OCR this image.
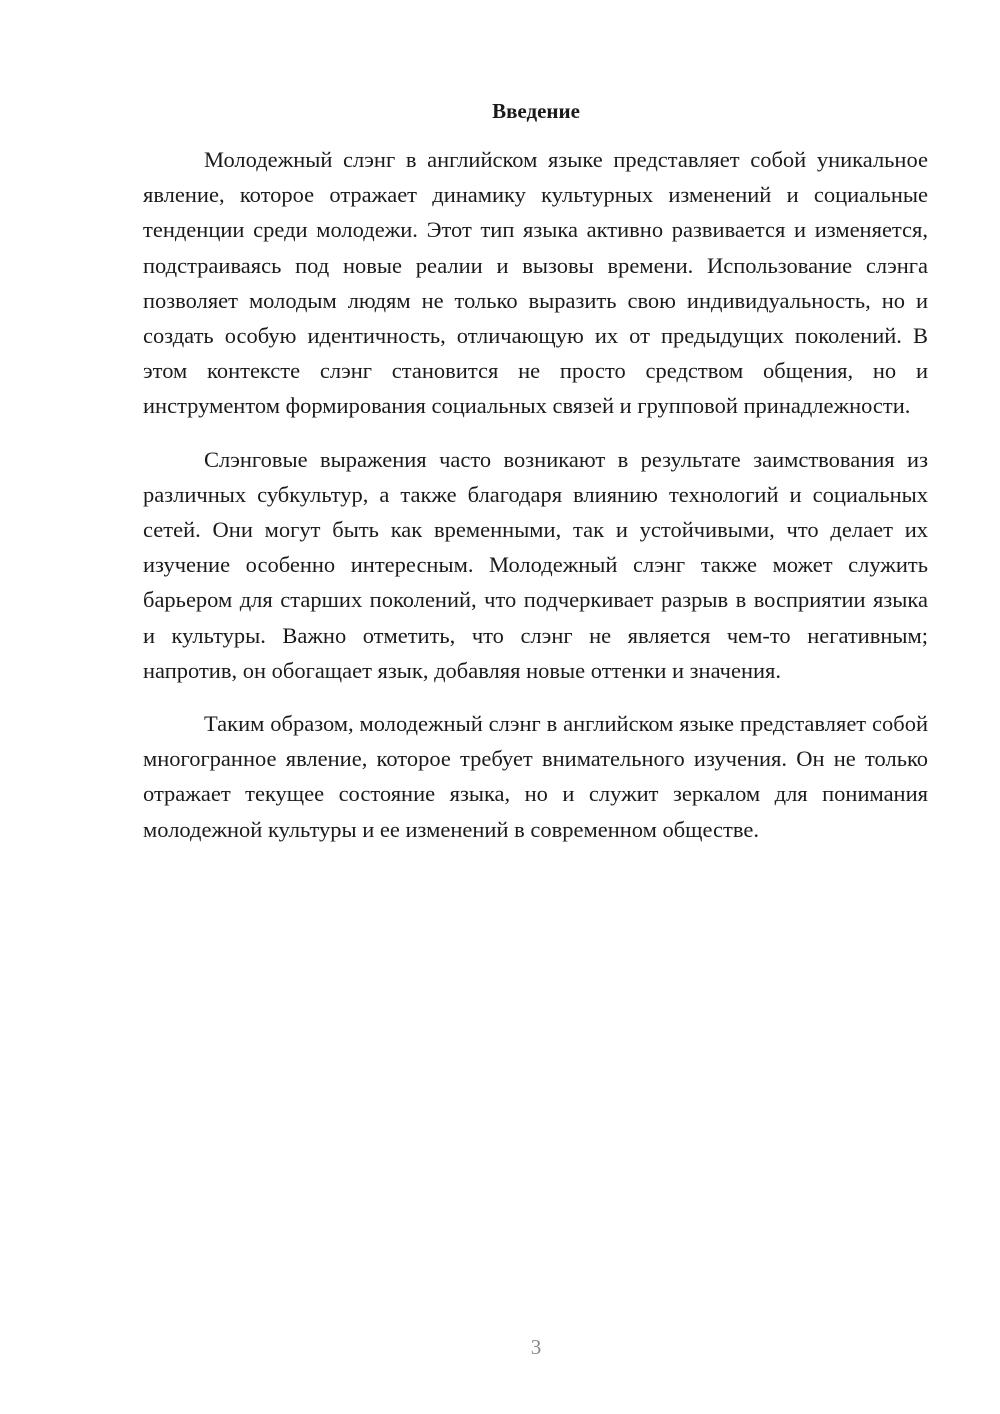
Введение

Молодежный слэнг в английском языке представляет собой уникальное явление, которое отражает динамику культурных изменений и социальные тенденции среди молодежи. Этот тип языка активно развивается и изменяется, подстраиваясь под новые реалии и вызовы времени. Использование слэнга позволяет молодым людям не только выразить свою индивидуальность, но и создать особую идентичность, отличающую их от предыдущих поколений. В этом контексте слэнг становится не просто средством общения, но и инструментом формирования социальных связей и групповой принадлежности.

Слэнговые выражения часто возникают в результате заимствования из различных субкультур, а также благодаря влиянию технологий и социальных сетей. Они могут быть как временными, так и устойчивыми, что делает их изучение особенно интересным. Молодежный слэнг также может служить барьером для старших поколений, что подчеркивает разрыв в восприятии языка и культуры. Важно отметить, что слэнг не является чем-то негативным; напротив, он обогащает язык, добавляя новые оттенки и значения.

Таким образом, молодежный слэнг в английском языке представляет собой многогранное явление, которое требует внимательного изучения. Он не только отражает текущее состояние языка, но и служит зеркалом для понимания молодежной культуры и ее изменений в современном обществе.

3
